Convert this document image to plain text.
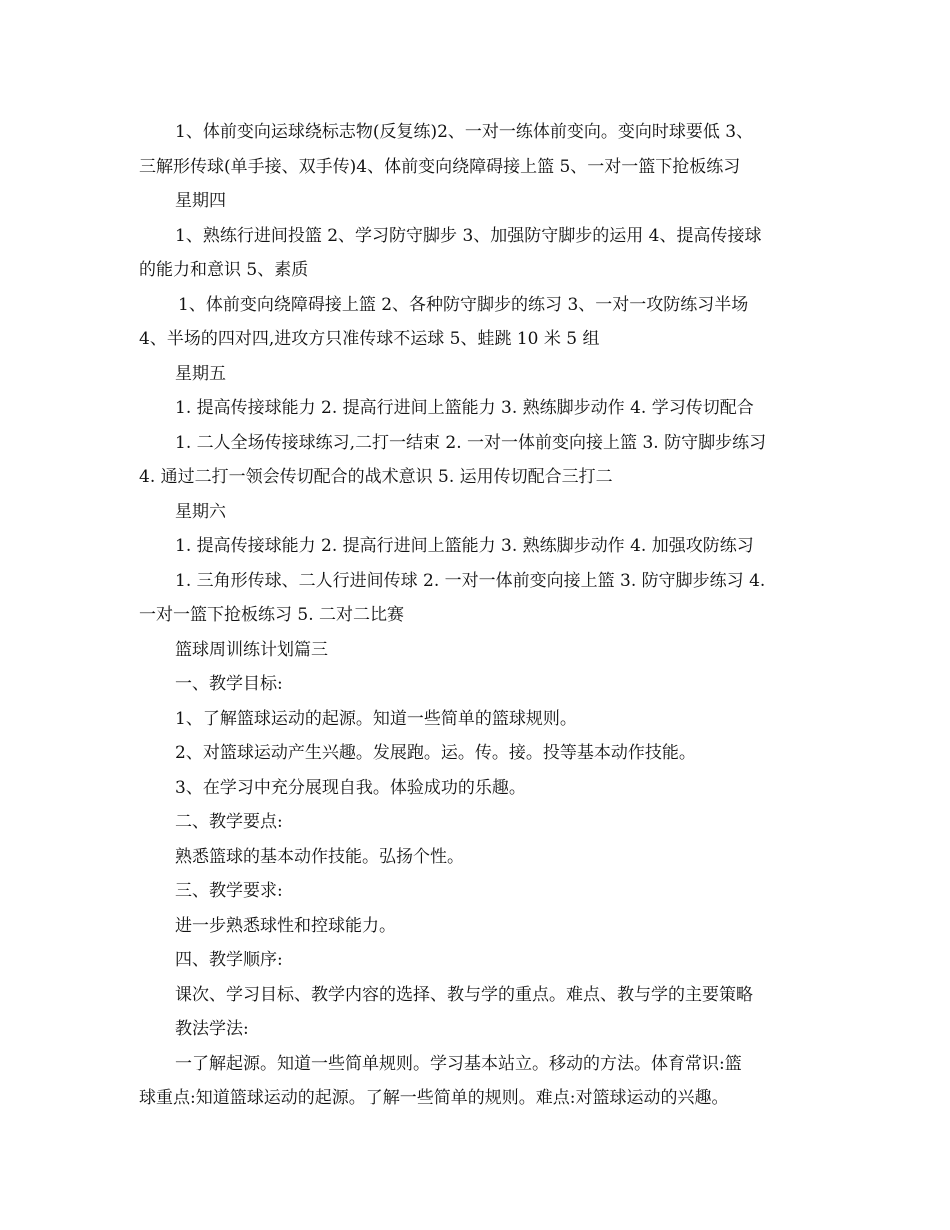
1、体前变向运球绕标志物(反复练)2、一对一练体前变向。变向时球要低 3、
三解形传球(单手接、双手传)4、体前变向绕障碍接上篮 5、一对一篮下抢板练习
星期四
1、熟练行进间投篮 2、学习防守脚步 3、加强防守脚步的运用 4、提高传接球
的能力和意识 5、素质
1、体前变向绕障碍接上篮 2、各种防守脚步的练习 3、一对一攻防练习半场
4、半场的四对四,进攻方只准传球不运球 5、蛙跳 10 米 5 组
星期五
1. 提高传接球能力 2. 提高行进间上篮能力 3. 熟练脚步动作 4. 学习传切配合
1. 二人全场传接球练习,二打一结束 2. 一对一体前变向接上篮 3. 防守脚步练习
4. 通过二打一领会传切配合的战术意识 5. 运用传切配合三打二
星期六
1. 提高传接球能力 2. 提高行进间上篮能力 3. 熟练脚步动作 4. 加强攻防练习
1. 三角形传球、二人行进间传球 2. 一对一体前变向接上篮 3. 防守脚步练习 4.
一对一篮下抢板练习 5. 二对二比赛
篮球周训练计划篇三
一、教学目标:
1、了解篮球运动的起源。知道一些简单的篮球规则。
2、对篮球运动产生兴趣。发展跑。运。传。接。投等基本动作技能。
3、在学习中充分展现自我。体验成功的乐趣。
二、教学要点:
熟悉篮球的基本动作技能。弘扬个性。
三、教学要求:
进一步熟悉球性和控球能力。
四、教学顺序:
课次、学习目标、教学内容的选择、教与学的重点。难点、教与学的主要策略
教法学法:
一了解起源。知道一些简单规则。学习基本站立。移动的方法。体育常识:篮
球重点:知道篮球运动的起源。了解一些简单的规则。难点:对篮球运动的兴趣。
